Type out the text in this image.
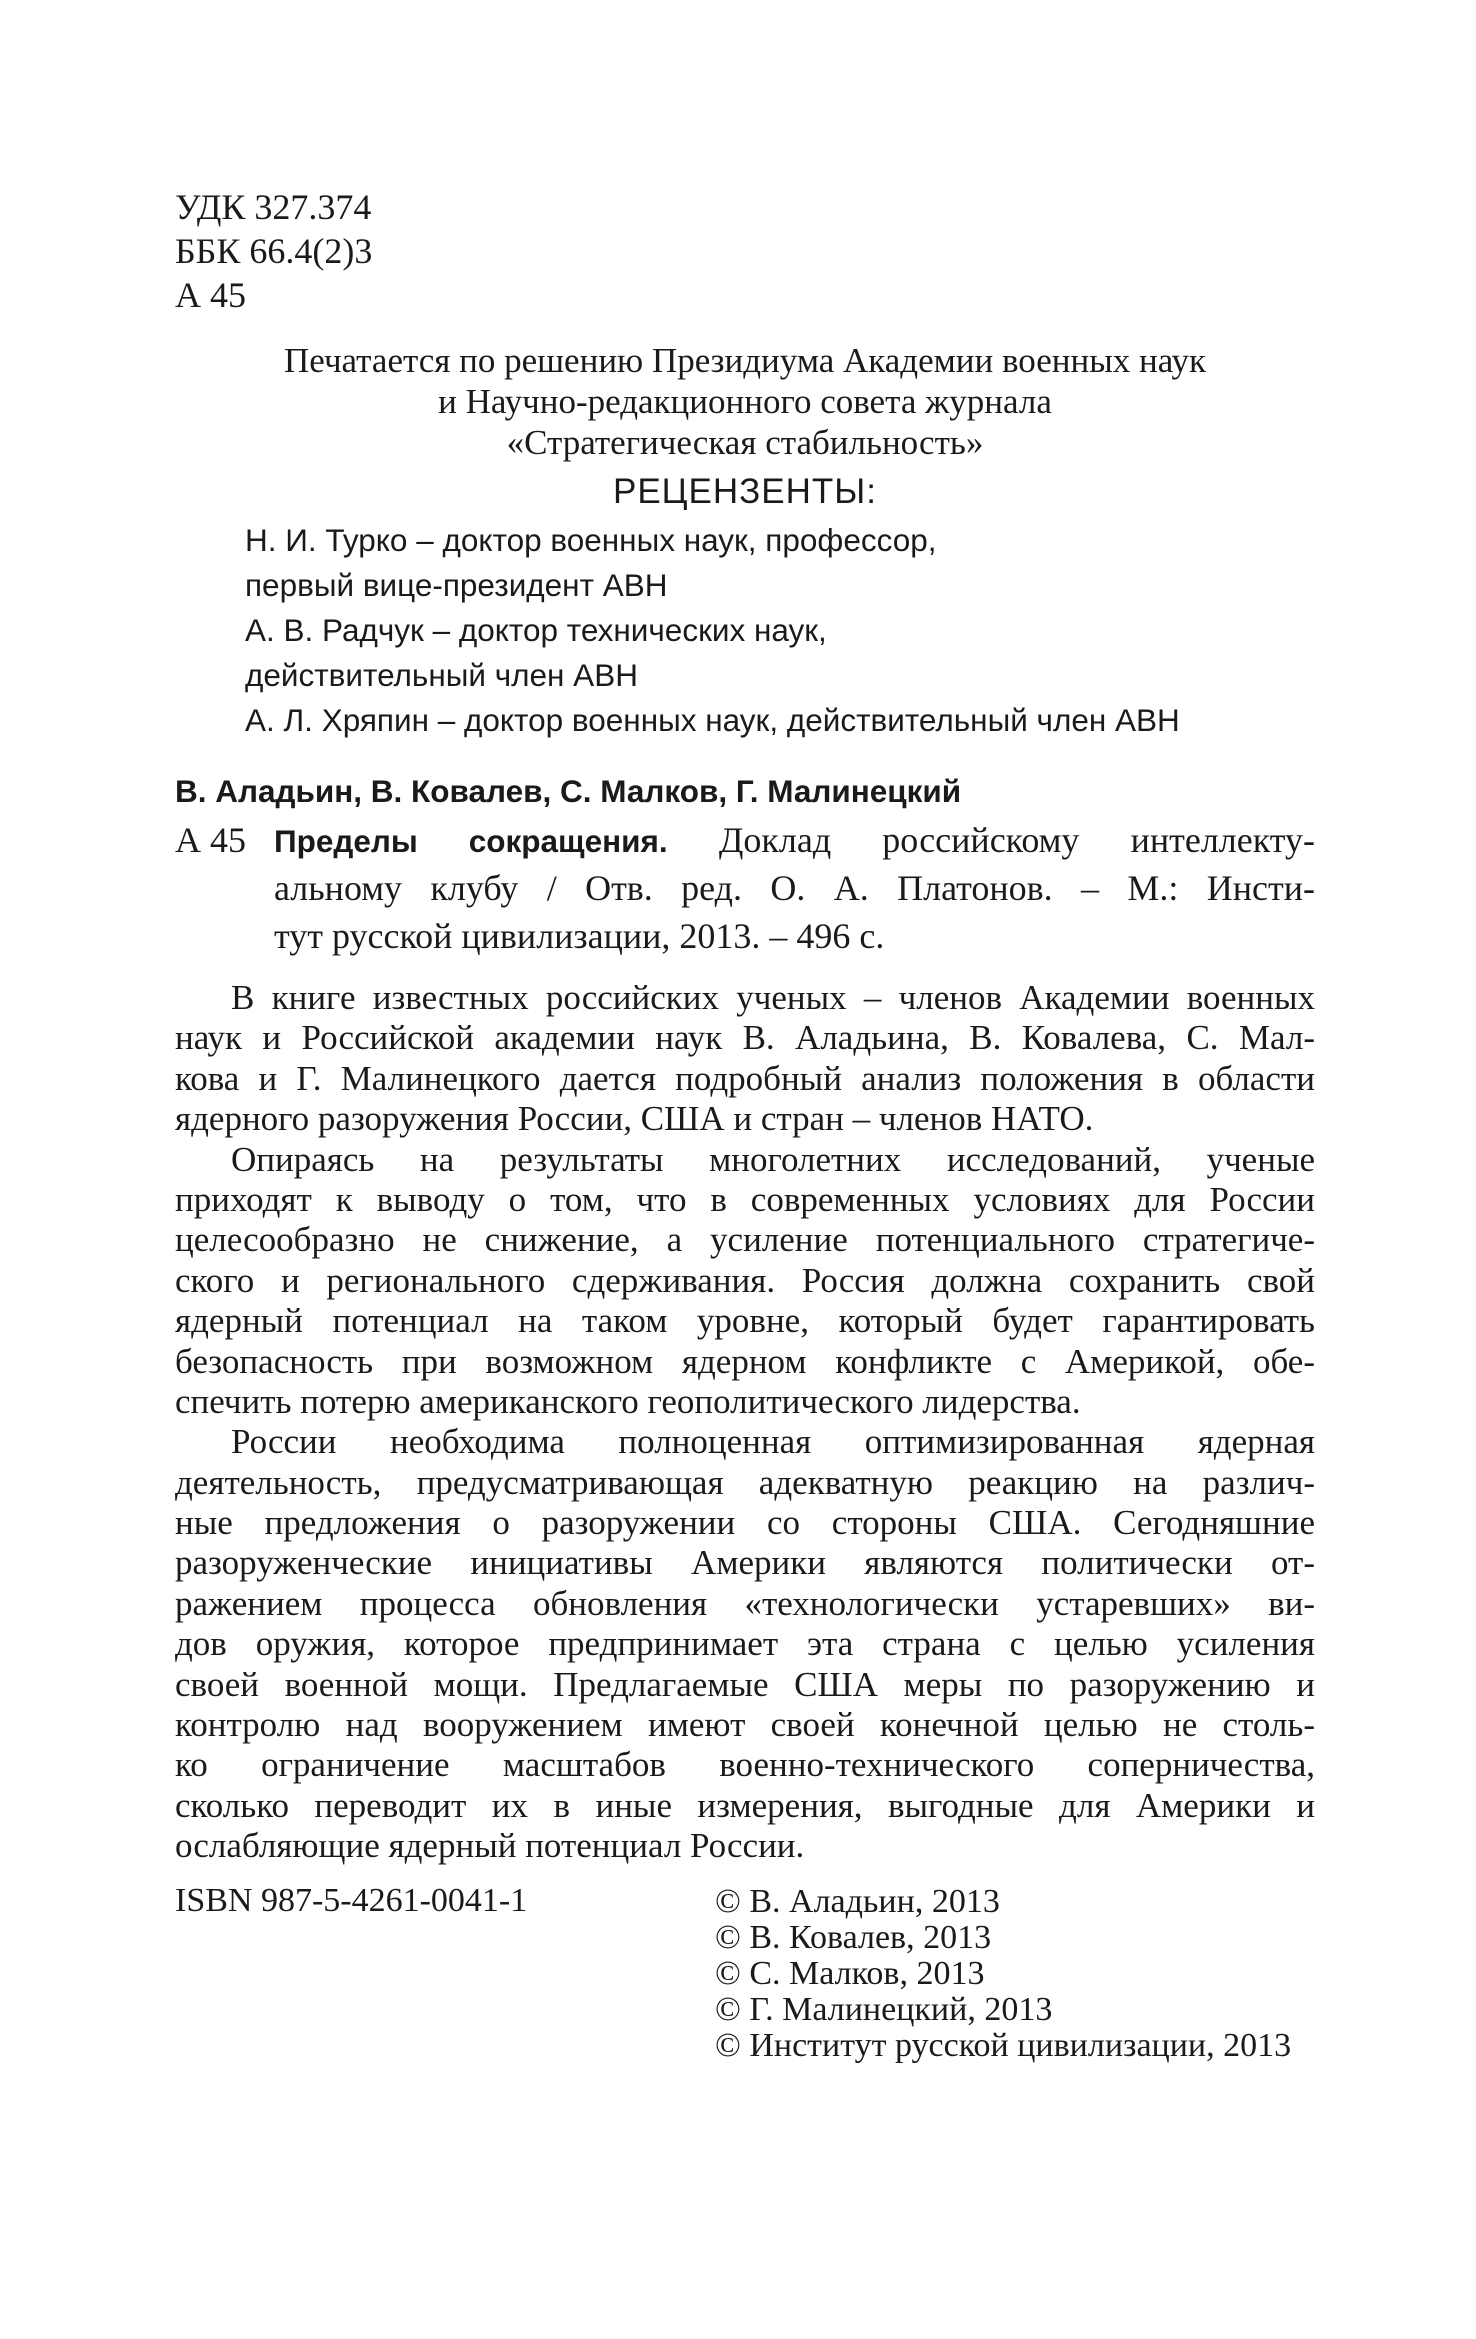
УДК 327.374
ББК 66.4(2)3
А 45
Печатается по решению Президиума Академии военных наук
и Научно-редакционного совета журнала
«Стратегическая стабильность»
РЕЦЕНЗЕНТЫ:
Н. И. Турко – доктор военных наук, профессор,
первый вице-президент АВН
А. В. Радчук – доктор технических наук,
действительный член АВН
А. Л. Хряпин – доктор военных наук, действительный член АВН
В. Аладьин, В. Ковалев, С. Малков, Г. Малинецкий
А 45 Пределы сокращения. Доклад российскому интеллекту-
альному клубу / Отв. ред. О. А. Платонов. – М.: Инсти-
тут русской цивилизации, 2013. – 496 с.
В книге известных российских ученых – членов Академии военных
наук и Российской академии наук В. Аладьина, В. Ковалева, С. Мал-
кова и Г. Малинецкого дается подробный анализ положения в области
ядерного разоружения России, США и стран – членов НАТО.
Опираясь на результаты многолетних исследований, ученые
приходят к выводу о том, что в современных условиях для России
целесообразно не снижение, а усиление потенциального стратегиче-
ского и регионального сдерживания. Россия должна сохранить свой
ядерный потенциал на таком уровне, который будет гарантировать
безопасность при возможном ядерном конфликте с Америкой, обе-
спечить потерю американского геополитического лидерства.
России необходима полноценная оптимизированная ядерная
деятельность, предусматривающая адекватную реакцию на различ-
ные предложения о разоружении со стороны США. Сегодняшние
разоруженческие инициативы Америки являются политически от-
ражением процесса обновления «технологически устаревших» ви-
дов оружия, которое предпринимает эта страна с целью усиления
своей военной мощи. Предлагаемые США меры по разоружению и
контролю над вооружением имеют своей конечной целью не столь-
ко ограничение масштабов военно-технического соперничества,
сколько переводит их в иные измерения, выгодные для Америки и
ослабляющие ядерный потенциал России.
ISBN 987-5-4261-0041-1	© В. Аладьин, 2013
© В. Ковалев, 2013
© С. Малков, 2013
© Г. Малинецкий, 2013
© Институт русской цивилизации, 2013
